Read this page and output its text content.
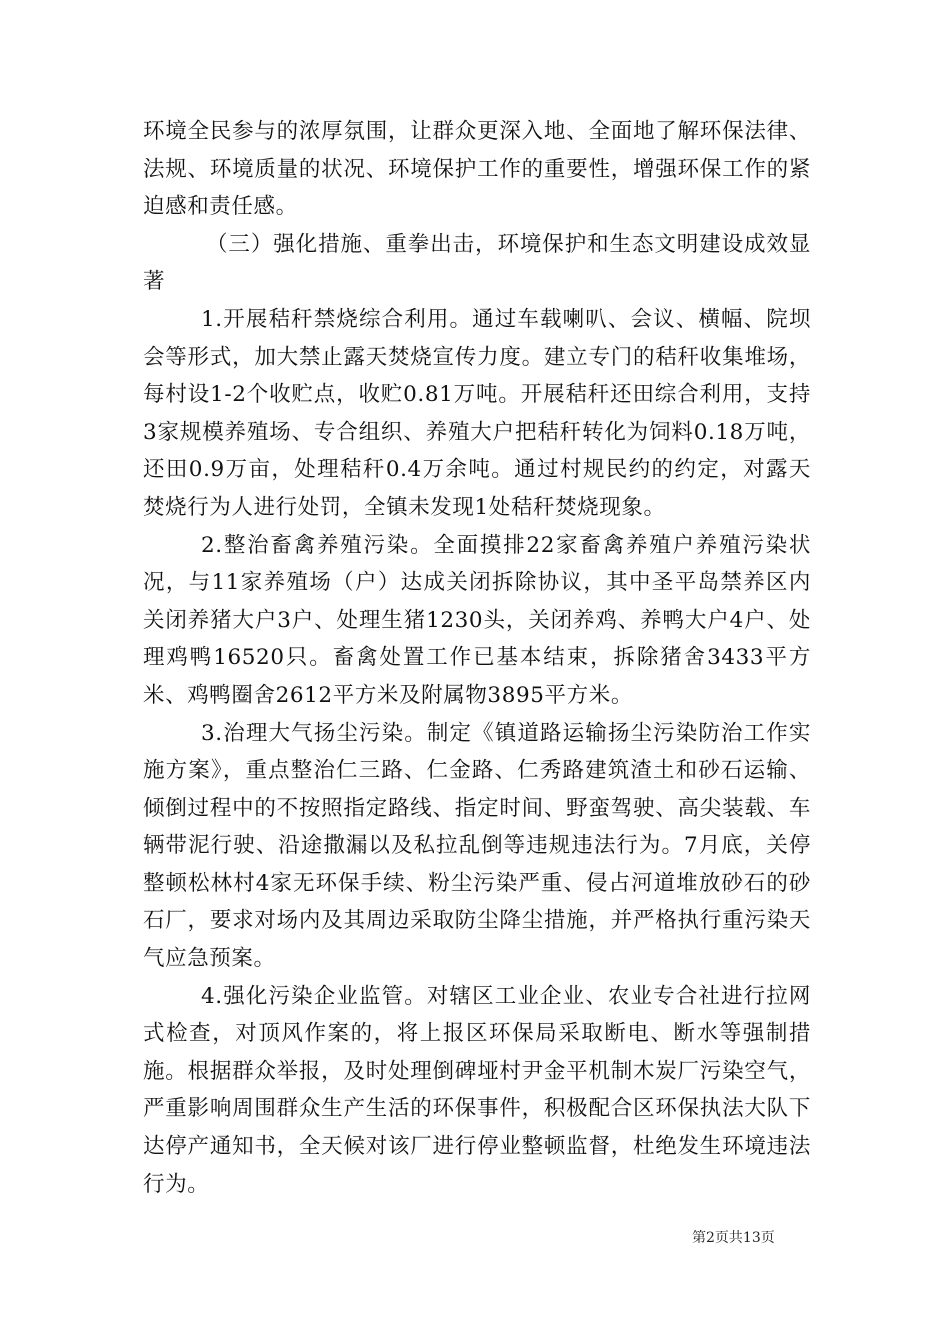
环境全民参与的浓厚氛围，让群众更深入地、全面地了解环保法律、法规、环境质量的状况、环境保护工作的重要性，增强环保工作的紧迫感和责任感。

（三）强化措施、重拳出击，环境保护和生态文明建设成效显著

1.开展秸秆禁烧综合利用。通过车载喇叭、会议、横幅、院坝会等形式，加大禁止露天焚烧宣传力度。建立专门的秸秆收集堆场，每村设1-2个收贮点，收贮0.81万吨。开展秸秆还田综合利用，支持3家规模养殖场、专合组织、养殖大户把秸秆转化为饲料0.18万吨，还田0.9万亩，处理秸秆0.4万余吨。通过村规民约的约定，对露天焚烧行为人进行处罚，全镇未发现1处秸秆焚烧现象。

2.整治畜禽养殖污染。全面摸排22家畜禽养殖户养殖污染状况，与11家养殖场（户）达成关闭拆除协议，其中圣平岛禁养区内关闭养猪大户3户、处理生猪1230头，关闭养鸡、养鸭大户4户、处理鸡鸭16520只。畜禽处置工作已基本结束，拆除猪舍3433平方米、鸡鸭圈舍2612平方米及附属物3895平方米。

3.治理大气扬尘污染。制定《镇道路运输扬尘污染防治工作实施方案》，重点整治仁三路、仁金路、仁秀路建筑渣土和砂石运输、倾倒过程中的不按照指定路线、指定时间、野蛮驾驶、高尖装载、车辆带泥行驶、沿途撒漏以及私拉乱倒等违规违法行为。7月底，关停整顿松林村4家无环保手续、粉尘污染严重、侵占河道堆放砂石的砂石厂，要求对场内及其周边采取防尘降尘措施，并严格执行重污染天气应急预案。

4.强化污染企业监管。对辖区工业企业、农业专合社进行拉网式检查，对顶风作案的，将上报区环保局采取断电、断水等强制措施。根据群众举报，及时处理倒碑垭村尹金平机制木炭厂污染空气，严重影响周围群众生产生活的环保事件，积极配合区环保执法大队下达停产通知书，全天候对该厂进行停业整顿监督，杜绝发生环境违法行为。

第2页共13页
